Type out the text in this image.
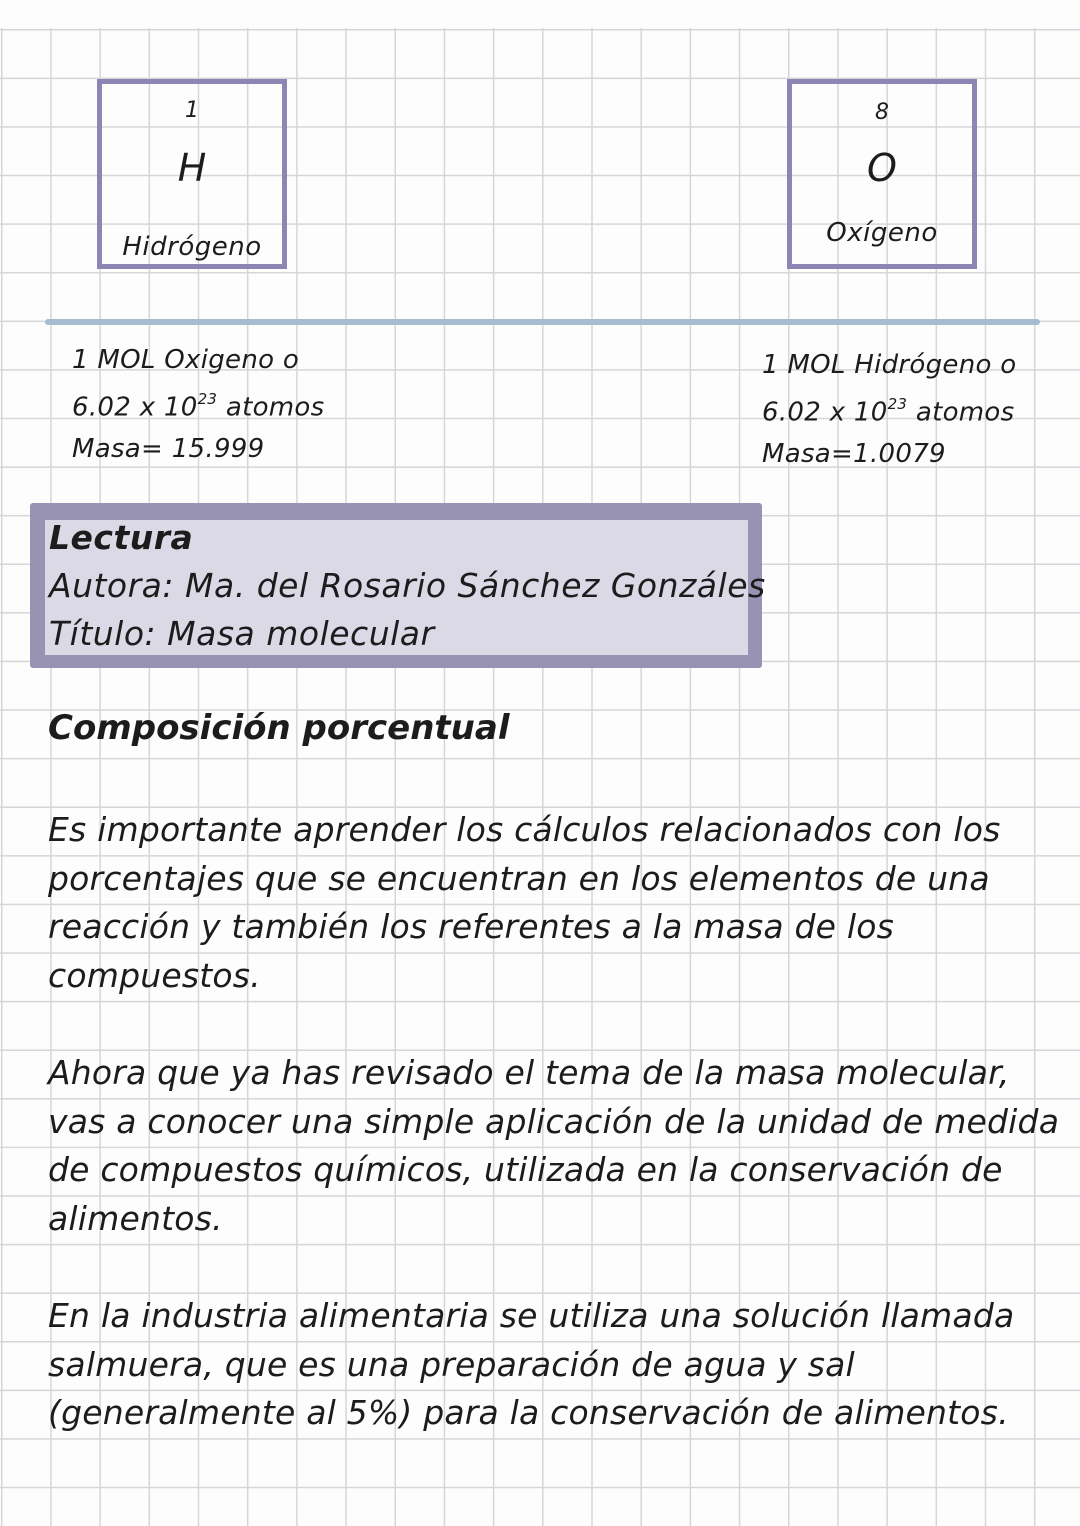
1
H
Hidrógeno
8
O
Oxígeno
1 MOL Oxigeno o
6.02 x $10^{23}$ atomos
Masa= 15.999
1 MOL Hidrógeno o
6.02 x $10^{23}$ atomos
Masa=1.0079
Lectura
Autora: Ma. del Rosario Sánchez Gonzáles
Título: Masa molecular
Composición porcentual
Es importante aprender los cálculos relacionados con los
porcentajes que se encuentran en los elementos de una
reacción y también los referentes a la masa de los
compuestos.
Ahora que ya has revisado el tema de la masa molecular,
vas a conocer una simple aplicación de la unidad de medida
de compuestos químicos, utilizada en la conservación de
alimentos.
En la industria alimentaria se utiliza una solución llamada
salmuera, que es una preparación de agua y sal
(generalmente al 5%) para la conservación de alimentos.
